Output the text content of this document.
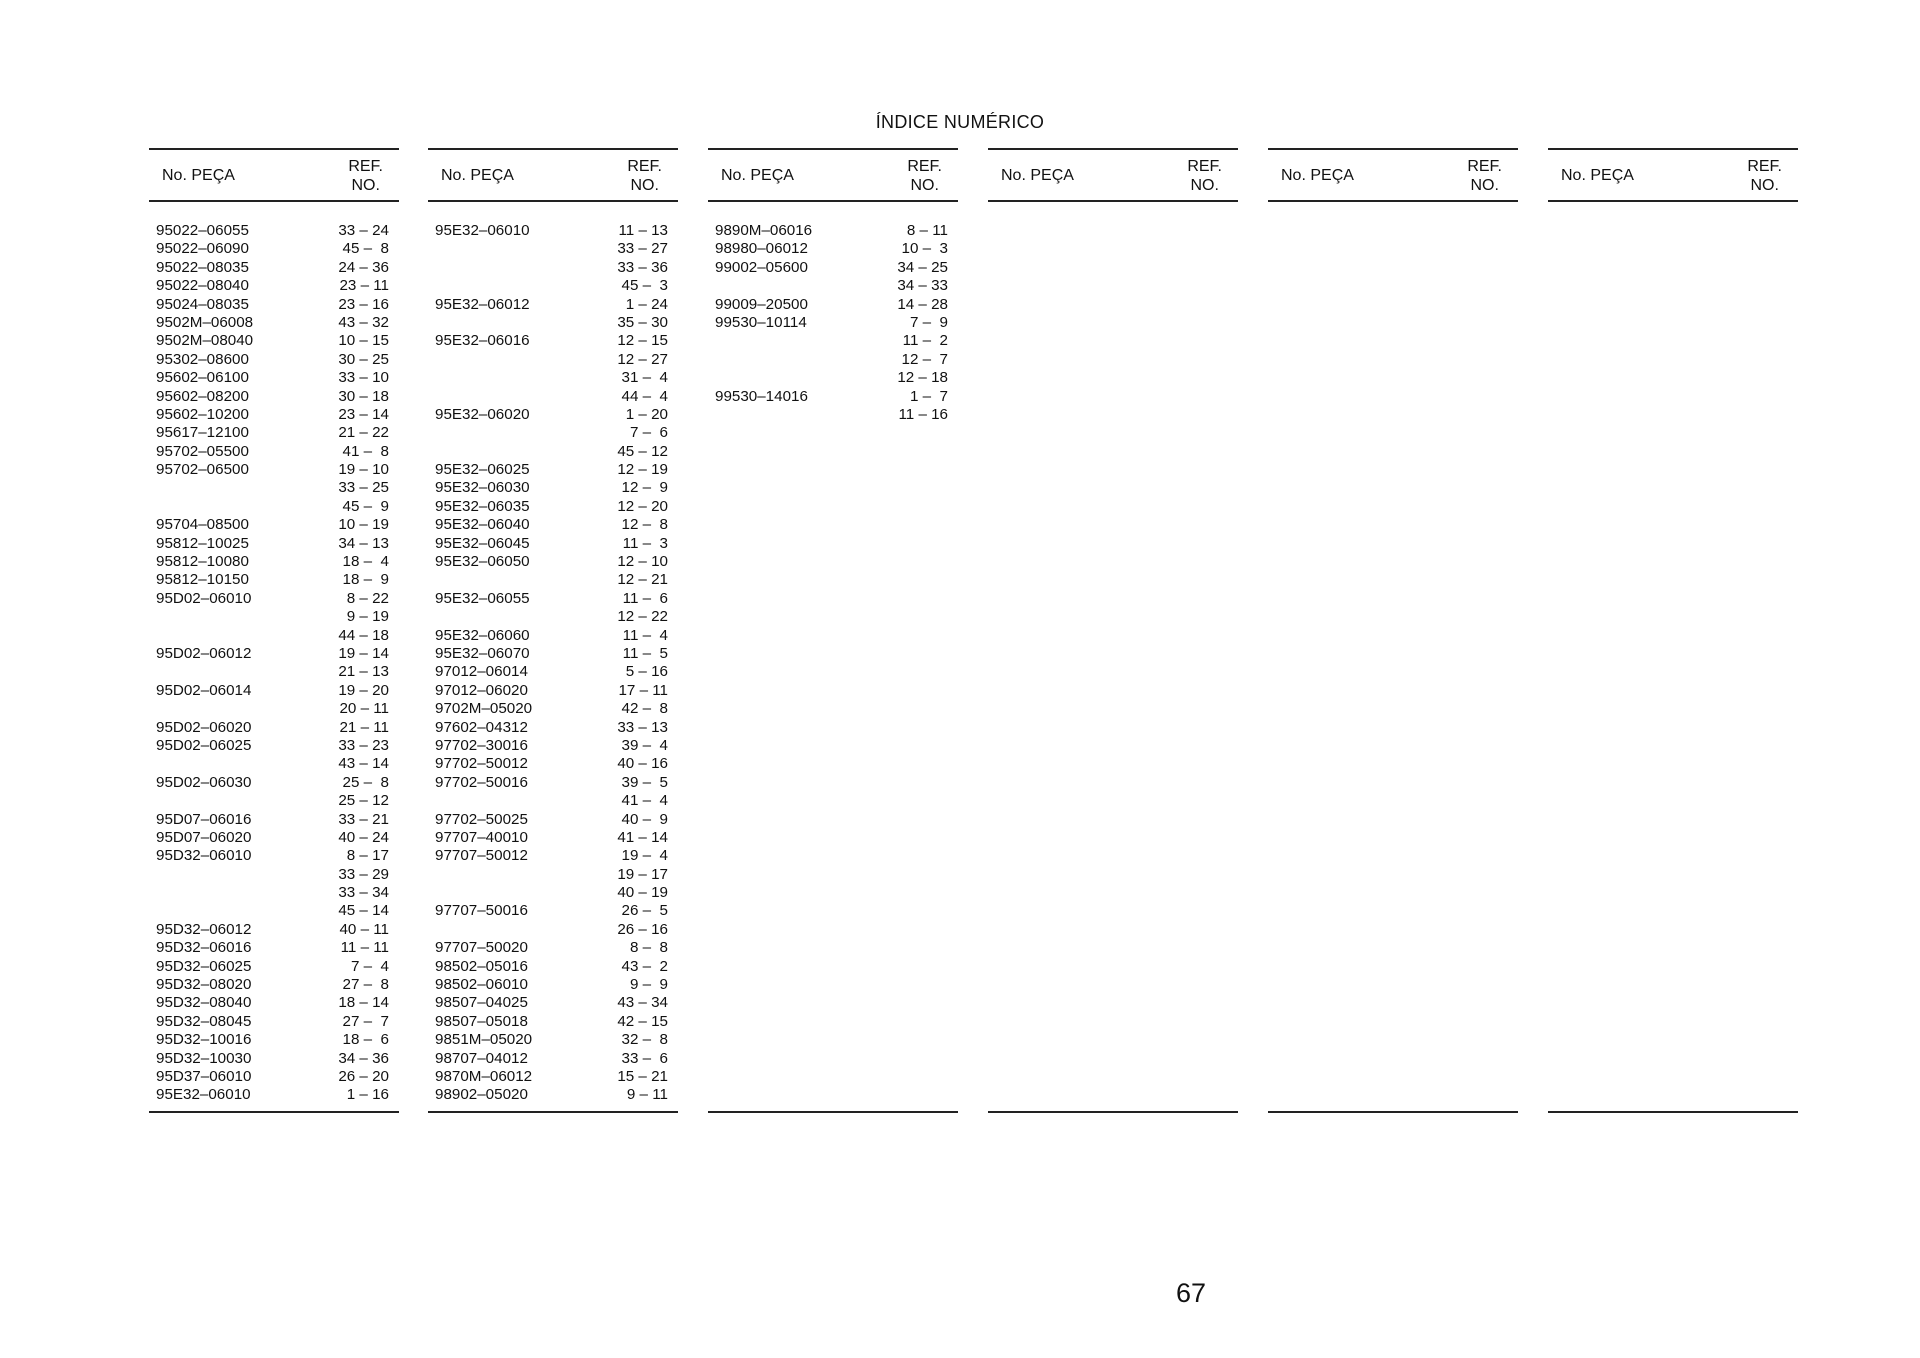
ÍNDICE NUMÉRICO
No. PEÇA
REF.
NO.
95022–06055	33 – 24
95022–06090	45 –  8
95022–08035	24 – 36
95022–08040	23 – 11
95024–08035	23 – 16
9502M–06008	43 – 32
9502M–08040	10 – 15
95302–08600	30 – 25
95602–06100	33 – 10
95602–08200	30 – 18
95602–10200	23 – 14
95617–12100	21 – 22
95702–05500	41 –  8
95702–06500	19 – 10
33 – 25
45 –  9
95704–08500	10 – 19
95812–10025	34 – 13
95812–10080	18 –  4
95812–10150	18 –  9
95D02–06010	8 – 22
9 – 19
44 – 18
95D02–06012	19 – 14
21 – 13
95D02–06014	19 – 20
20 – 11
95D02–06020	21 – 11
95D02–06025	33 – 23
43 – 14
95D02–06030	25 –  8
25 – 12
95D07–06016	33 – 21
95D07–06020	40 – 24
95D32–06010	8 – 17
33 – 29
33 – 34
45 – 14
95D32–06012	40 – 11
95D32–06016	11 – 11
95D32–06025	7 –  4
95D32–08020	27 –  8
95D32–08040	18 – 14
95D32–08045	27 –  7
95D32–10016	18 –  6
95D32–10030	34 – 36
95D37–06010	26 – 20
95E32–06010	1 – 16
No. PEÇA
REF.
NO.
95E32–06010	11 – 13
33 – 27
33 – 36
45 –  3
95E32–06012	1 – 24
35 – 30
95E32–06016	12 – 15
12 – 27
31 –  4
44 –  4
95E32–06020	1 – 20
7 –  6
45 – 12
95E32–06025	12 – 19
95E32–06030	12 –  9
95E32–06035	12 – 20
95E32–06040	12 –  8
95E32–06045	11 –  3
95E32–06050	12 – 10
12 – 21
95E32–06055	11 –  6
12 – 22
95E32–06060	11 –  4
95E32–06070	11 –  5
97012–06014	5 – 16
97012–06020	17 – 11
9702M–05020	42 –  8
97602–04312	33 – 13
97702–30016	39 –  4
97702–50012	40 – 16
97702–50016	39 –  5
41 –  4
97702–50025	40 –  9
97707–40010	41 – 14
97707–50012	19 –  4
19 – 17
40 – 19
97707–50016	26 –  5
26 – 16
97707–50020	8 –  8
98502–05016	43 –  2
98502–06010	9 –  9
98507–04025	43 – 34
98507–05018	42 – 15
9851M–05020	32 –  8
98707–04012	33 –  6
9870M–06012	15 – 21
98902–05020	9 – 11
No. PEÇA
REF.
NO.
9890M–06016	8 – 11
98980–06012	10 –  3
99002–05600	34 – 25
34 – 33
99009–20500	14 – 28
99530–10114	7 –  9
11 –  2
12 –  7
12 – 18
99530–14016	1 –  7
11 – 16
No. PEÇA
REF.
NO.
No. PEÇA
REF.
NO.
No. PEÇA
REF.
NO.
67
